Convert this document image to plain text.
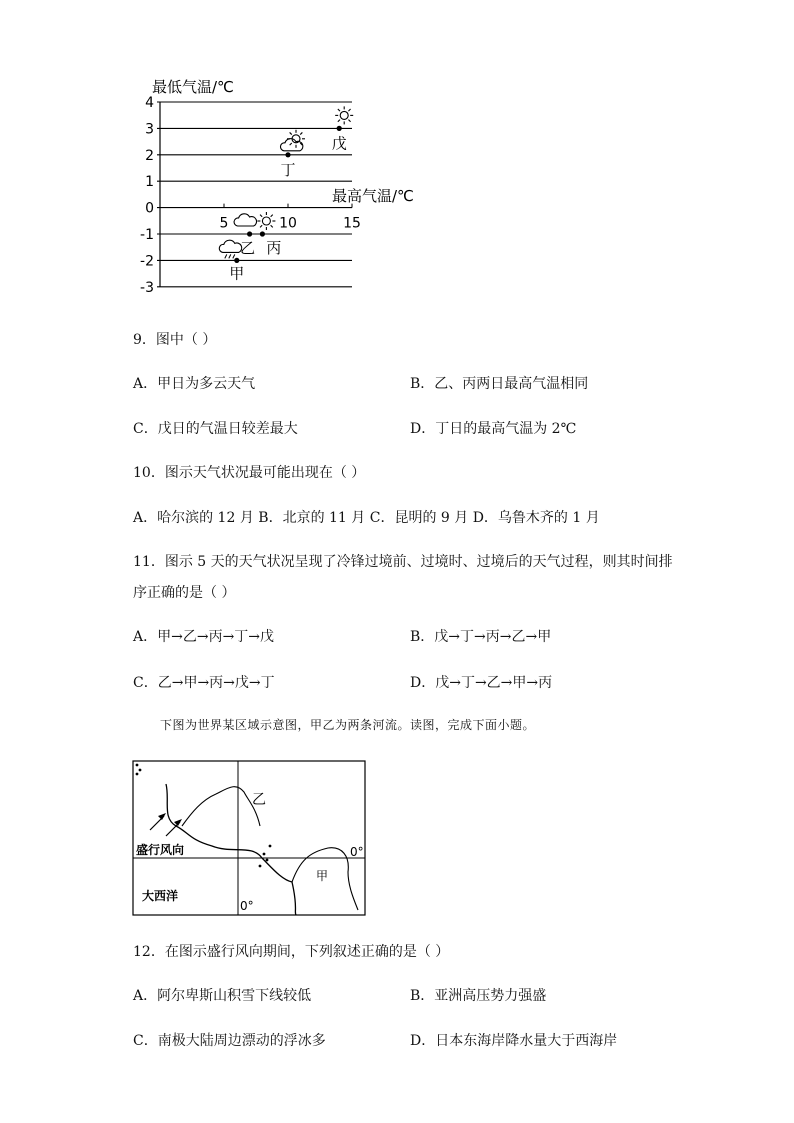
最低气温/℃
4
3
2
1
0
-1
-2
-3
5	10	15
最高气温/℃
甲
乙 丙
丁
戊
9．图中（ ）
A．甲日为多云天气	B．乙、丙两日最高气温相同
C．戊日的气温日较差最大	D．丁日的最高气温为 2℃
10．图示天气状况最可能出现在（ ）
A．哈尔滨的 12 月 B．北京的 11 月 C．昆明的 9 月 D．乌鲁木齐的 1 月
11．图示 5 天的天气状况呈现了冷锋过境前、过境时、过境后的天气过程，则其时间排
序正确的是（ ）
A．甲→乙→丙→丁→戊	B．戊→丁→丙→乙→甲
C．乙→甲→丙→戊→丁	D．戊→丁→乙→甲→丙
下图为世界某区域示意图，甲乙为两条河流。读图，完成下面小题。
乙
甲
盛行风向
大西洋
0°
0°
12．在图示盛行风向期间，下列叙述正确的是（ ）
A．阿尔卑斯山积雪下线较低	B．亚洲高压势力强盛
C．南极大陆周边漂动的浮冰多	D．日本东海岸降水量大于西海岸
